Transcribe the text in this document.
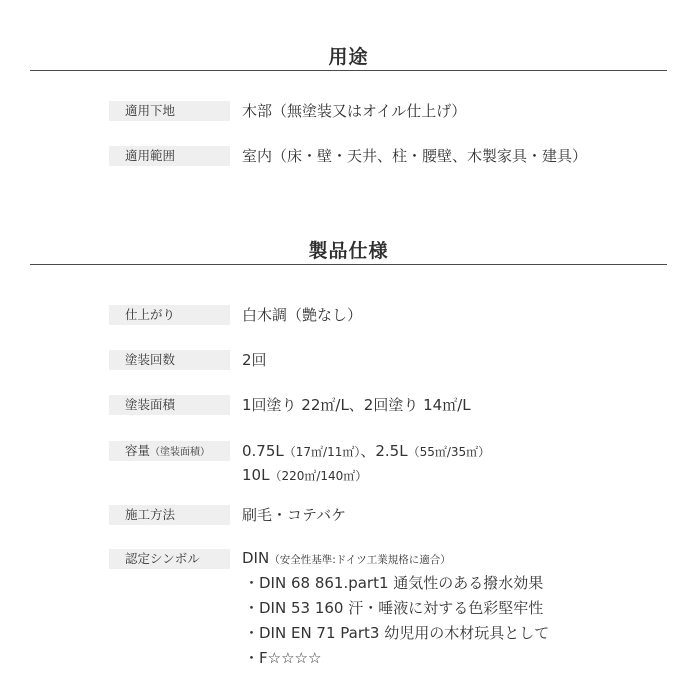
用途
適用下地	木部（無塗装又はオイル仕上げ）
適用範囲	室内（床・壁・天井、柱・腰壁、木製家具・建具）
製品仕様
仕上がり	白木調（艶なし）
塗装回数	2回
塗装面積	1回塗り 22㎡/L、2回塗り 14㎡/L
容量（塗装面積）	0.75L（17㎡/11㎡）、2.5L（55㎡/35㎡）
10L（220㎡/140㎡）
施工方法	刷毛・コテバケ
認定シンボル	DIN（安全性基準:ドイツ工業規格に適合）
・DIN 68 861.part1 通気性のある撥水効果
・DIN 53 160 汗・唾液に対する色彩堅牢性
・DIN EN 71 Part3 幼児用の木材玩具として
・F☆☆☆☆
